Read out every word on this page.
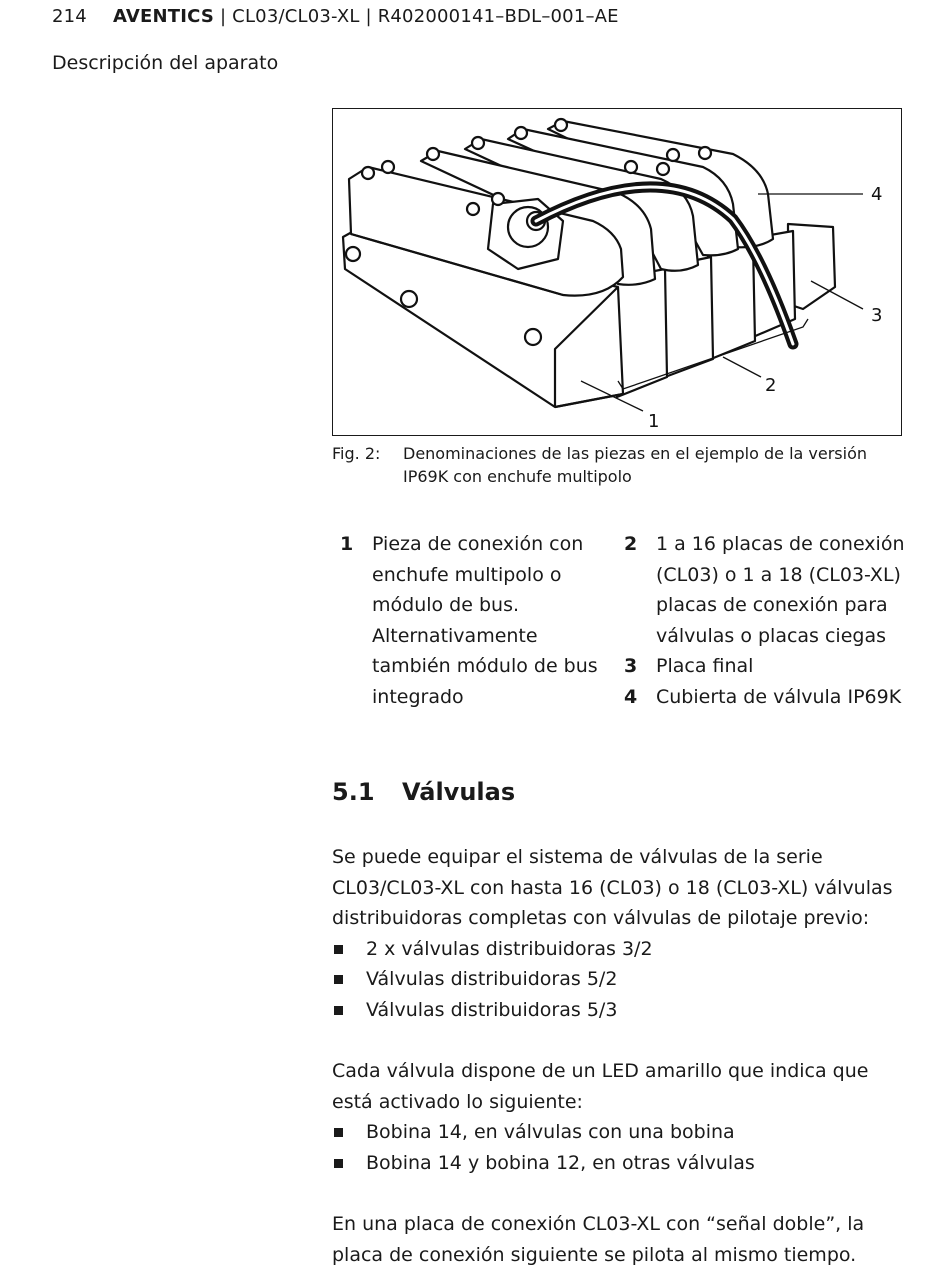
214 AVENTICS | CL03/CL03-XL | R402000141–BDL–001–AE
Descripción del aparato
4
3
2
1
Fig. 2: Denominaciones de las piezas en el ejemplo de la versión IP69K con enchufe multipolo
1 Pieza de conexión con enchufe multipolo o módulo de bus. Alternativamente también módulo de bus integrado
2 1 a 16 placas de conexión (CL03) o 1 a 18 (CL03-XL) placas de conexión para válvulas o placas ciegas
3 Placa final
4 Cubierta de válvula IP69K
5.1 Válvulas
Se puede equipar el sistema de válvulas de la serie CL03/CL03-XL con hasta 16 (CL03) o 18 (CL03-XL) válvulas distribuidoras completas con válvulas de pilotaje previo:
2 x válvulas distribuidoras 3/2
Válvulas distribuidoras 5/2
Válvulas distribuidoras 5/3
Cada válvula dispone de un LED amarillo que indica que está activado lo siguiente:
Bobina 14, en válvulas con una bobina
Bobina 14 y bobina 12, en otras válvulas
En una placa de conexión CL03-XL con “señal doble”, la placa de conexión siguiente se pilota al mismo tiempo.
